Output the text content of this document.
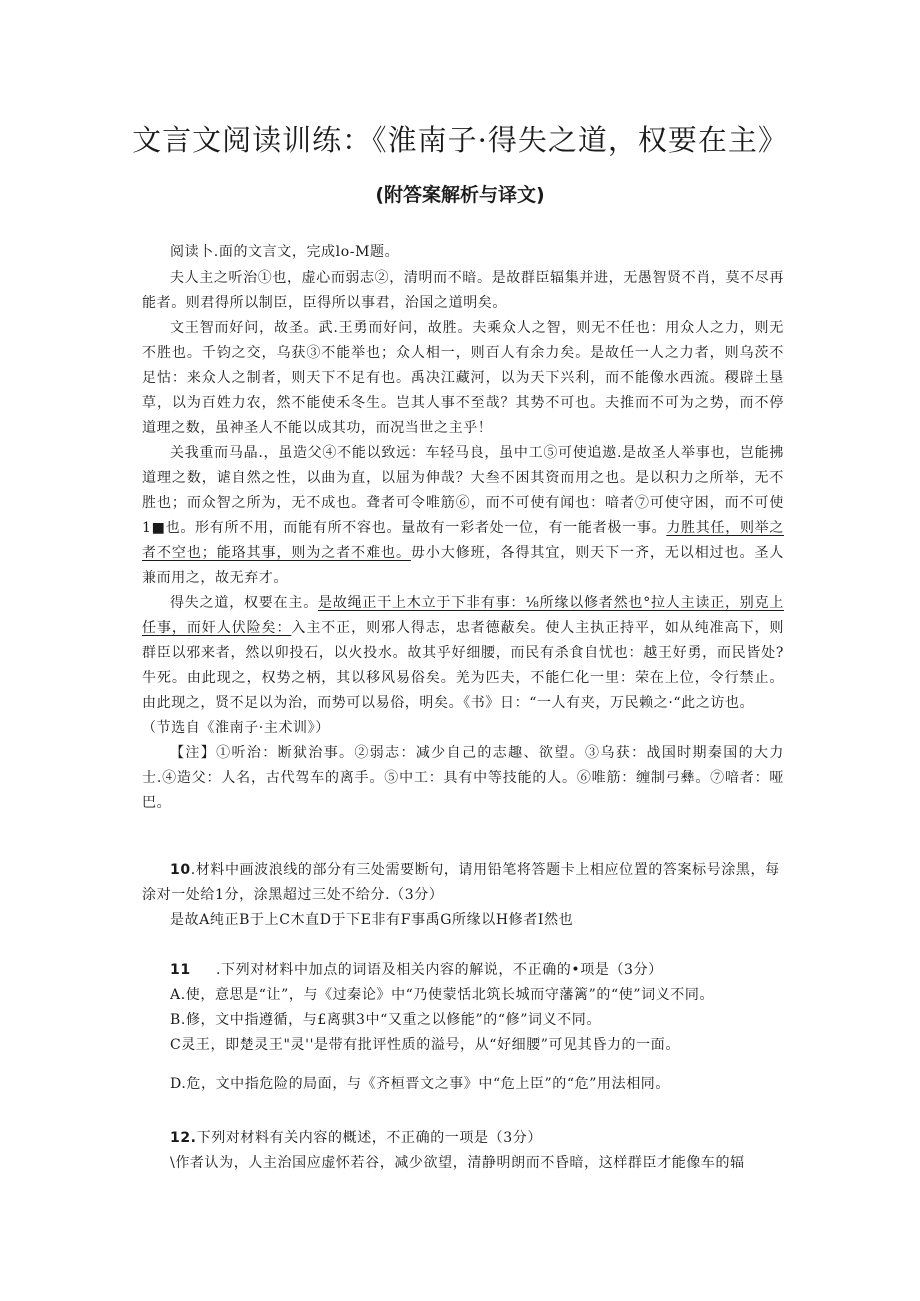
文言文阅读训练：《淮南子·得失之道，权要在主》
(附答案解析与译文)

阅读卜.面的文言文，完成lo-M题。

夫人主之听治①也，虚心而弱志②，清明而不暗。是故群臣辐集并进，无愚智贤不肖，莫不尽再能者。则君得所以制臣，臣得所以事君，治国之道明矣。

文王智而好问，故圣。武.王勇而好问，故胜。夫乘众人之智，则无不任也：用众人之力，则无不胜也。千钧之交，乌获③不能举也；众人相一，则百人有余力矣。是故任一人之力者，则乌茨不足怙：来众人之制者，则天下不足有也。禹决江藏河，以为天下兴利，而不能像水西流。稷辟土垦草，以为百姓力农，然不能使禾冬生。岂其人事不至哉？其势不可也。夫推而不可为之势，而不停道理之数，虽神圣人不能以成其功，而况当世之主乎！

关我重而马晶.，虽造父④不能以致远：车轻马良，虽中工⑤可使追遨.是故圣人举事也，岂能拂道理之数，谑自然之性，以曲为直，以屈为伸哉？大叁不困其资而用之也。是以积力之所举，无不胜也；而众智之所为，无不成也。聋者可令唯筋⑥，而不可使有闻也：喑者⑦可使守困，而不可使1■也。形有所不用，而能有所不容也。量故有一彩者处一位，有一能者极一事。力胜其任，则举之者不空也；能珞其事，则为之者不难也。毋小大修班，各得其宜，则天下一齐，无以相过也。圣人兼而用之，故无弃才。

得失之道，权要在主。是故绳正干上木立于下非有事：⅛所缘以修者然也°拉人主读正，别克上任事，而奸人伏险矣：入主不正，则邪人得志，忠者德蔽矣。使人主执正持平，如从纯准高下，则群臣以邪来者，然以卯投石，以火投水。故其乎好细腰，而民有杀食自忧也：越王好勇，而民皆处?牛死。由此现之，权势之柄，其以移风易俗矣。羌为匹夫，不能仁化一里：荣在上位，令行禁止。由此现之，贤不足以为治，而势可以易俗，明矣。《书》日：“一人有夹，万民赖之·“此之访也。

（节选自《淮南子·主术训》）

【注】①听治：断狱治事。②弱志：减少自己的志趣、欲望。③乌获：战国时期秦国的大力士.④造父：人名，古代驾车的离手。⑤中工：具有中等技能的人。⑥唯筋：缠制弓彝。⑦喑者：哑巴。

10.材料中画波浪线的部分有三处需要断句，请用铅笔将答题卡上相应位置的答案标号涂黑，每涂对一处给1分，涂黑超过三处不给分.（3分）

是故A纯正B于上C木直D于下E非有F事禹G所缘以H修者I然也

11 .下列对材料中加点的词语及相关内容的解说，不正确的•项是（3分）

A.使，意思是“让”，与《过秦论》中“乃使蒙恬北筑长城而守藩篱”的“使”词义不同。

B.修，文中指遵循，与£离骐3中“又重之以修能”的“修”词义不同。

C灵王，即楚灵王"灵''是带有批评性质的溢号，从“好细腰”可见其昏力的一面。

D.危，文中指危险的局面，与《齐桓晋文之事》中“危上臣”的“危”用法相同。

12.下列对材料有关内容的概述，不正确的一项是（3分）

\作者认为，人主治国应虚怀若谷，减少欲望，清静明朗而不昏暗，这样群臣才能像车的辐
